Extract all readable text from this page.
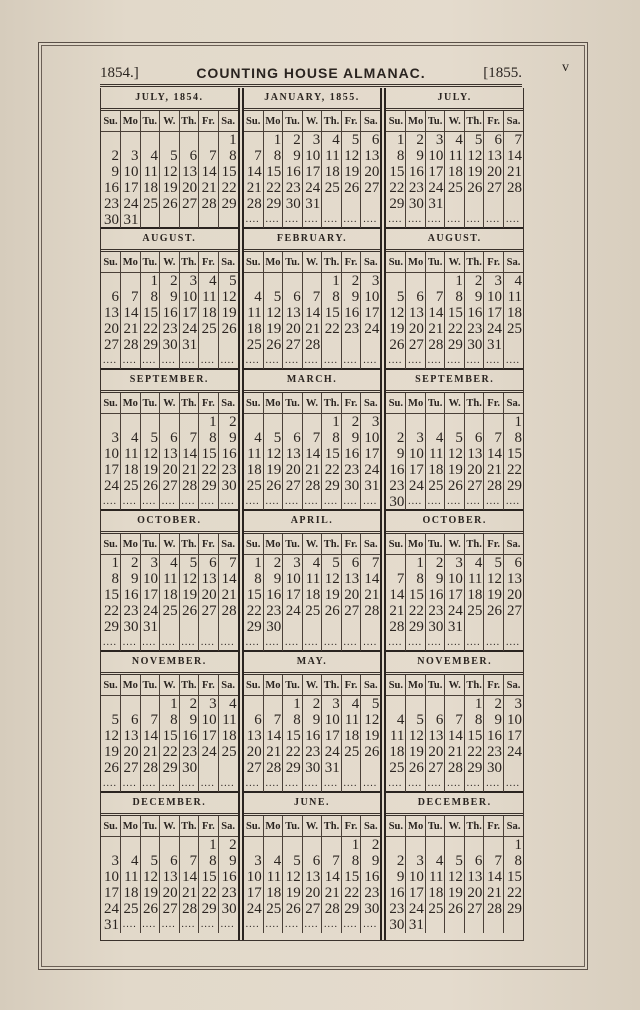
v
1854.]	COUNTING HOUSE ALMANAC.	[1855.
JULY, 1854.
Su.	Mo	Tu.	W.	Th.	Fr.	Sa.
						1
2	3	4	5	6	7	8
9	10	11	12	13	14	15
16	17	18	19	20	21	22
23	24	25	26	27	28	29
30	31					
AUGUST.
Su.	Mo	Tu.	W.	Th.	Fr.	Sa.
		1	2	3	4	5
6	7	8	9	10	11	12
13	14	15	16	17	18	19
20	21	22	23	24	25	26
27	28	29	30	31		
....	....	....	....	....	....	....
SEPTEMBER.
Su.	Mo	Tu.	W.	Th.	Fr.	Sa.
					1	2
3	4	5	6	7	8	9
10	11	12	13	14	15	16
17	18	19	20	21	22	23
24	25	26	27	28	29	30
....	....	....	....	....	....	....
OCTOBER.
Su.	Mo	Tu.	W.	Th.	Fr.	Sa.
1	2	3	4	5	6	7
8	9	10	11	12	13	14
15	16	17	18	19	20	21
22	23	24	25	26	27	28
29	30	31				
....	....	....	....	....	....	....
NOVEMBER.
Su.	Mo	Tu.	W.	Th.	Fr.	Sa.
			1	2	3	4
5	6	7	8	9	10	11
12	13	14	15	16	17	18
19	20	21	22	23	24	25
26	27	28	29	30		
....	....	....	....	....	....	....
DECEMBER.
Su.	Mo	Tu.	W.	Th.	Fr.	Sa.
					1	2
3	4	5	6	7	8	9
10	11	12	13	14	15	16
17	18	19	20	21	22	23
24	25	26	27	28	29	30
31	....	....	....	....	....	....
JANUARY, 1855.
Su.	Mo	Tu.	W.	Th.	Fr.	Sa.
	1	2	3	4	5	6
7	8	9	10	11	12	13
14	15	16	17	18	19	20
21	22	23	24	25	26	27
28	29	30	31			
....	....	....	....	....	....	....
FEBRUARY.
Su.	Mo	Tu.	W.	Th.	Fr.	Sa.
				1	2	3
4	5	6	7	8	9	10
11	12	13	14	15	16	17
18	19	20	21	22	23	24
25	26	27	28			
....	....	....	....	....	....	....
MARCH.
Su.	Mo	Tu.	W.	Th.	Fr.	Sa.
				1	2	3
4	5	6	7	8	9	10
11	12	13	14	15	16	17
18	19	20	21	22	23	24
25	26	27	28	29	30	31
....	....	....	....	....	....	....
APRIL.
Su.	Mo	Tu.	W.	Th.	Fr.	Sa.
1	2	3	4	5	6	7
8	9	10	11	12	13	14
15	16	17	18	19	20	21
22	23	24	25	26	27	28
29	30					
....	....	....	....	....	....	....
MAY.
Su.	Mo	Tu.	W.	Th.	Fr.	Sa.
		1	2	3	4	5
6	7	8	9	10	11	12
13	14	15	16	17	18	19
20	21	22	23	24	25	26
27	28	29	30	31		
....	....	....	....	....	....	....
JUNE.
Su.	Mo	Tu.	W.	Th.	Fr.	Sa.
					1	2
3	4	5	6	7	8	9
10	11	12	13	14	15	16
17	18	19	20	21	22	23
24	25	26	27	28	29	30
....	....	....	....	....	....	....
JULY.
Su.	Mo	Tu.	W.	Th.	Fr.	Sa.
1	2	3	4	5	6	7
8	9	10	11	12	13	14
15	16	17	18	19	20	21
22	23	24	25	26	27	28
29	30	31				
....	....	....	....	....	....	....
AUGUST.
Su.	Mo	Tu.	W.	Th.	Fr.	Sa.
			1	2	3	4
5	6	7	8	9	10	11
12	13	14	15	16	17	18
19	20	21	22	23	24	25
26	27	28	29	30	31	
....	....	....	....	....	....	....
SEPTEMBER.
Su.	Mo	Tu.	W.	Th.	Fr.	Sa.
						1
2	3	4	5	6	7	8
9	10	11	12	13	14	15
16	17	18	19	20	21	22
23	24	25	26	27	28	29
30	....	....	....	....	....	....
OCTOBER.
Su.	Mo	Tu.	W.	Th.	Fr.	Sa.
	1	2	3	4	5	6
7	8	9	10	11	12	13
14	15	16	17	18	19	20
21	22	23	24	25	26	27
28	29	30	31			
....	....	....	....	....	....	....
NOVEMBER.
Su.	Mo	Tu.	W.	Th.	Fr.	Sa.
				1	2	3
4	5	6	7	8	9	10
11	12	13	14	15	16	17
18	19	20	21	22	23	24
25	26	27	28	29	30	
....	....	....	....	....	....	....
DECEMBER.
Su.	Mo	Tu.	W.	Th.	Fr.	Sa.
						1
2	3	4	5	6	7	8
9	10	11	12	13	14	15
16	17	18	19	20	21	22
23	24	25	26	27	28	29
30	31					
